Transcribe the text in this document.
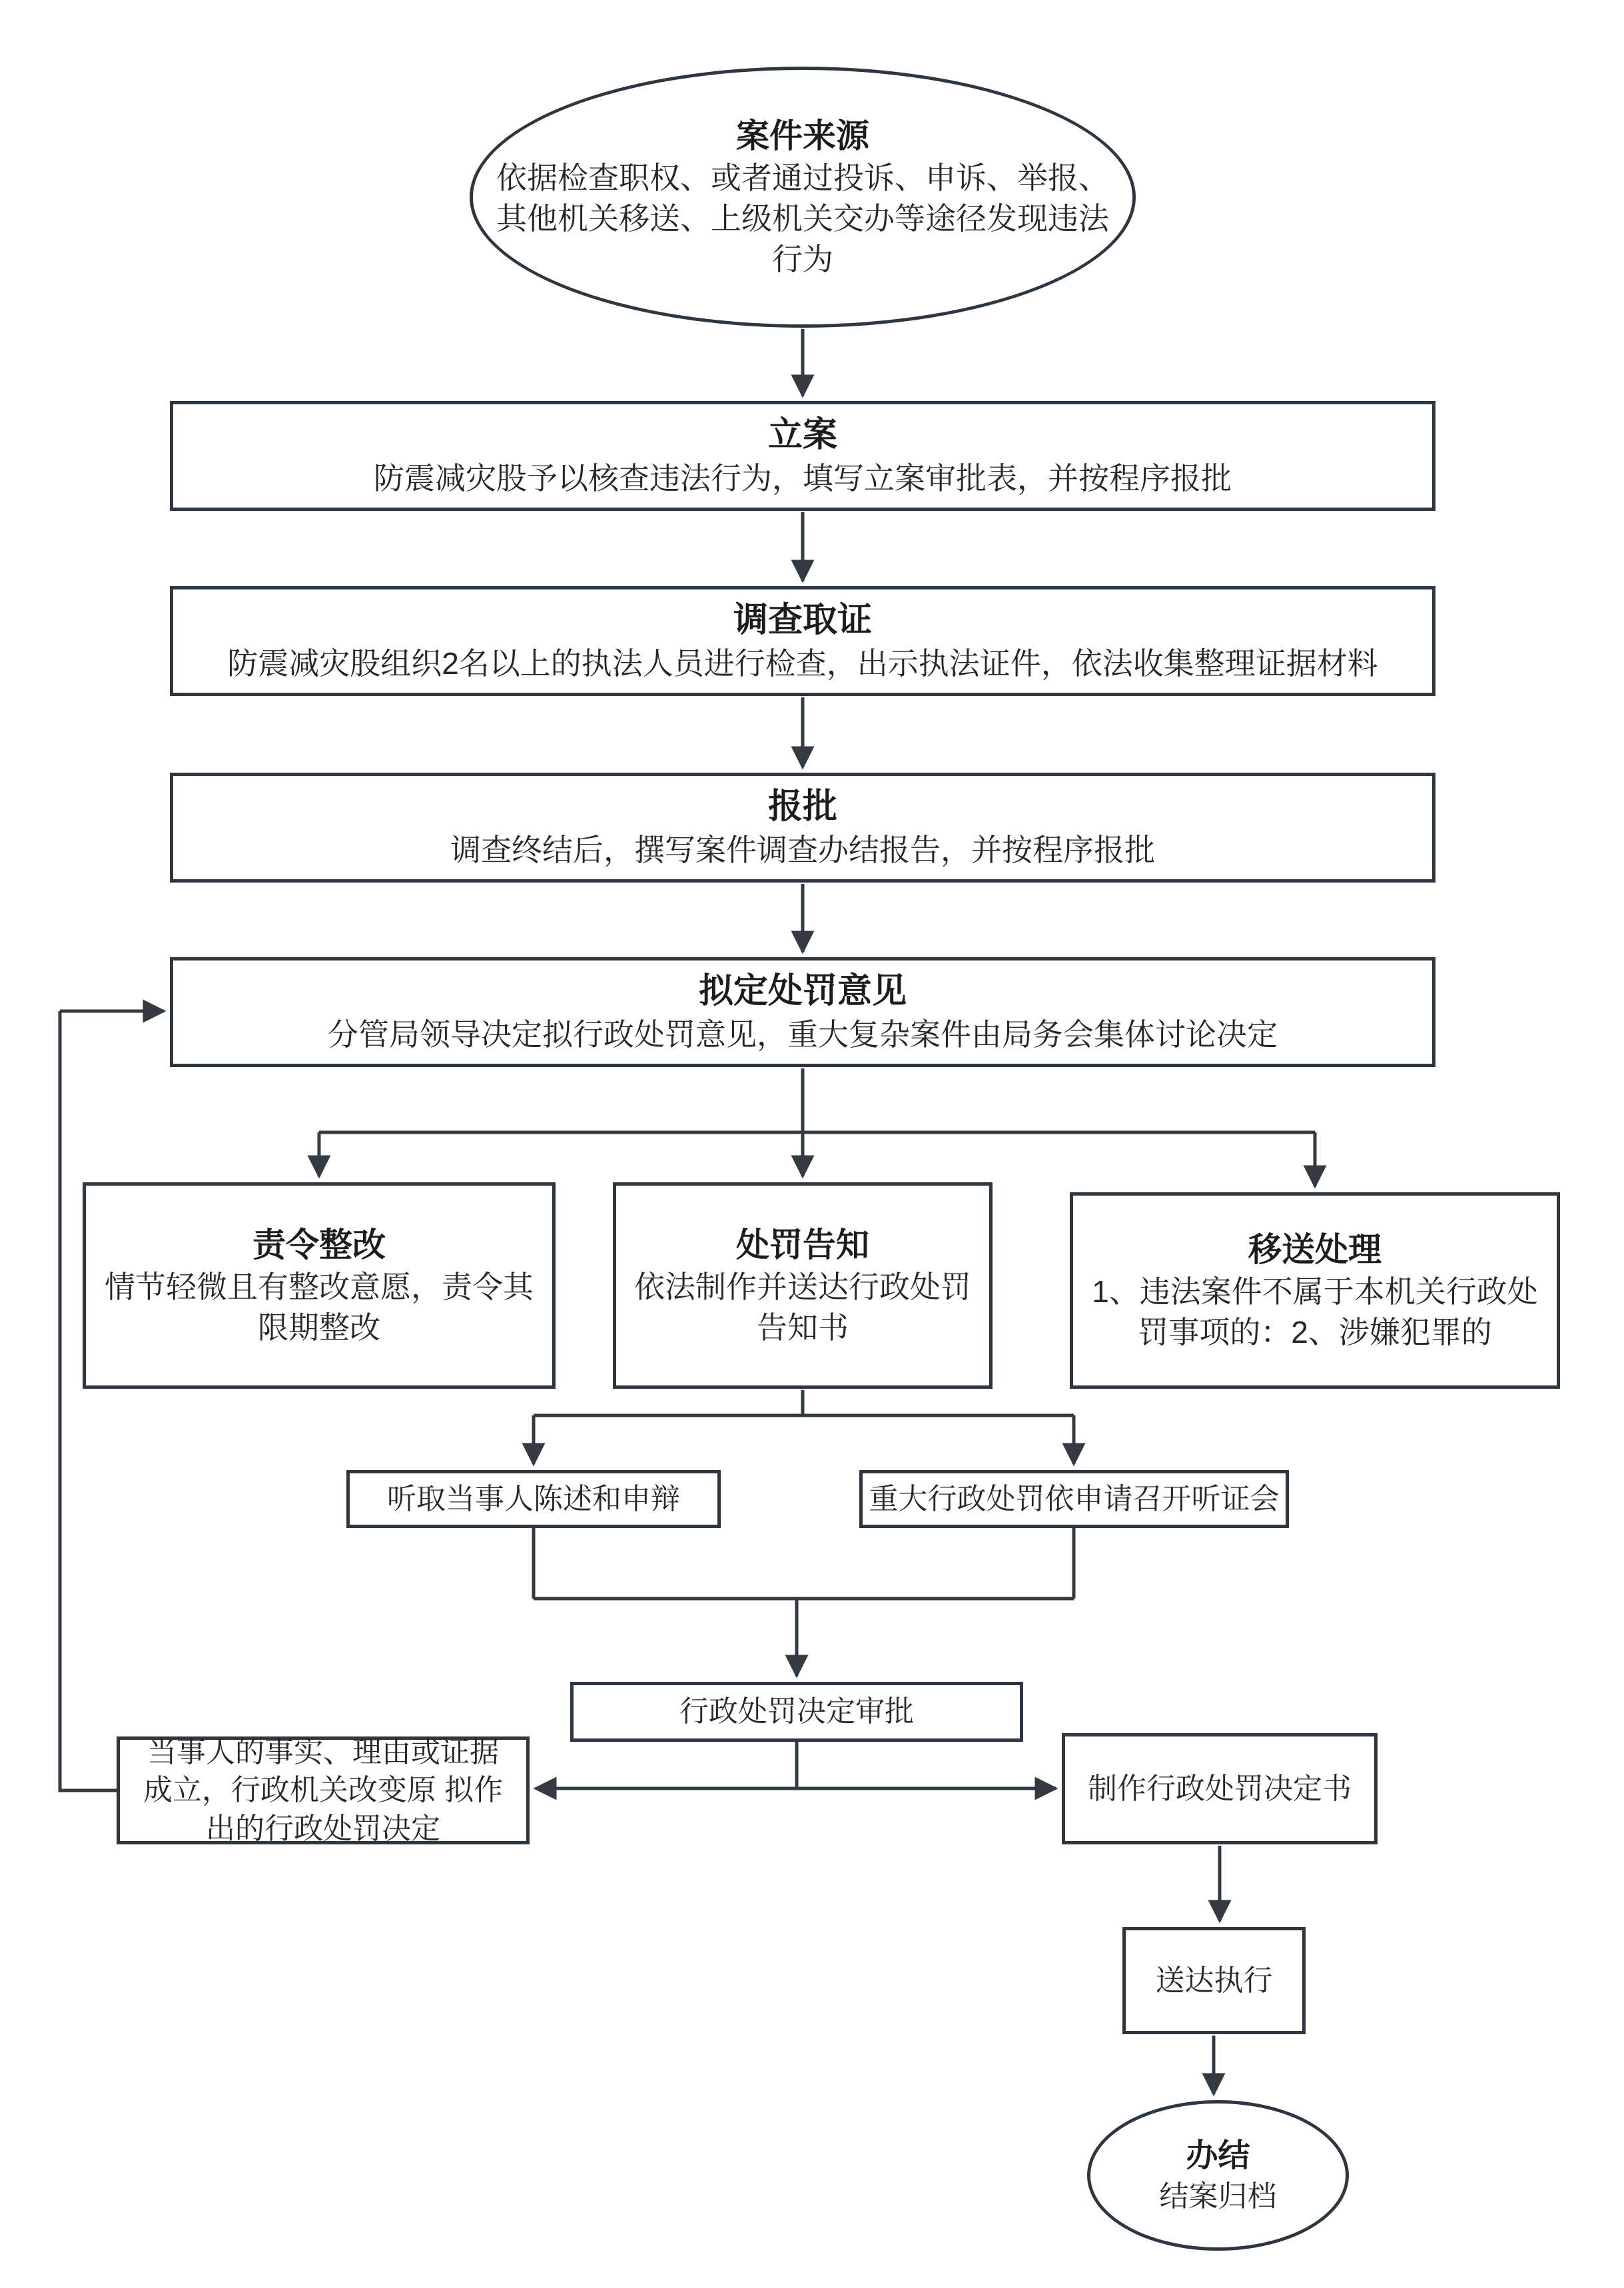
案件来源
依据检查职权、或者通过投诉、申诉、举报、其他机关移送、上级机关交办等途径发现违法行为
立案
防震减灾股予以核查违法行为，填写立案审批表，并按程序报批
调查取证
防震减灾股组织2名以上的执法人员进行检查，出示执法证件，依法收集整理证据材料
报批
调查终结后，撰写案件调查办结报告，并按程序报批
拟定处罚意见
分管局领导决定拟行政处罚意见，重大复杂案件由局务会集体讨论决定
责令整改
情节轻微且有整改意愿，责令其限期整改
处罚告知
依法制作并送达行政处罚告知书
移送处理
1、违法案件不属于本机关行政处罚事项的：2、涉嫌犯罪的
听取当事人陈述和申辩	重大行政处罚依申请召开听证会
行政处罚决定审批
当事人的事实、理由或证据成立，行政机关改变原 拟作出的行政处罚决定
制作行政处罚决定书
送达执行
办结
结案归档
